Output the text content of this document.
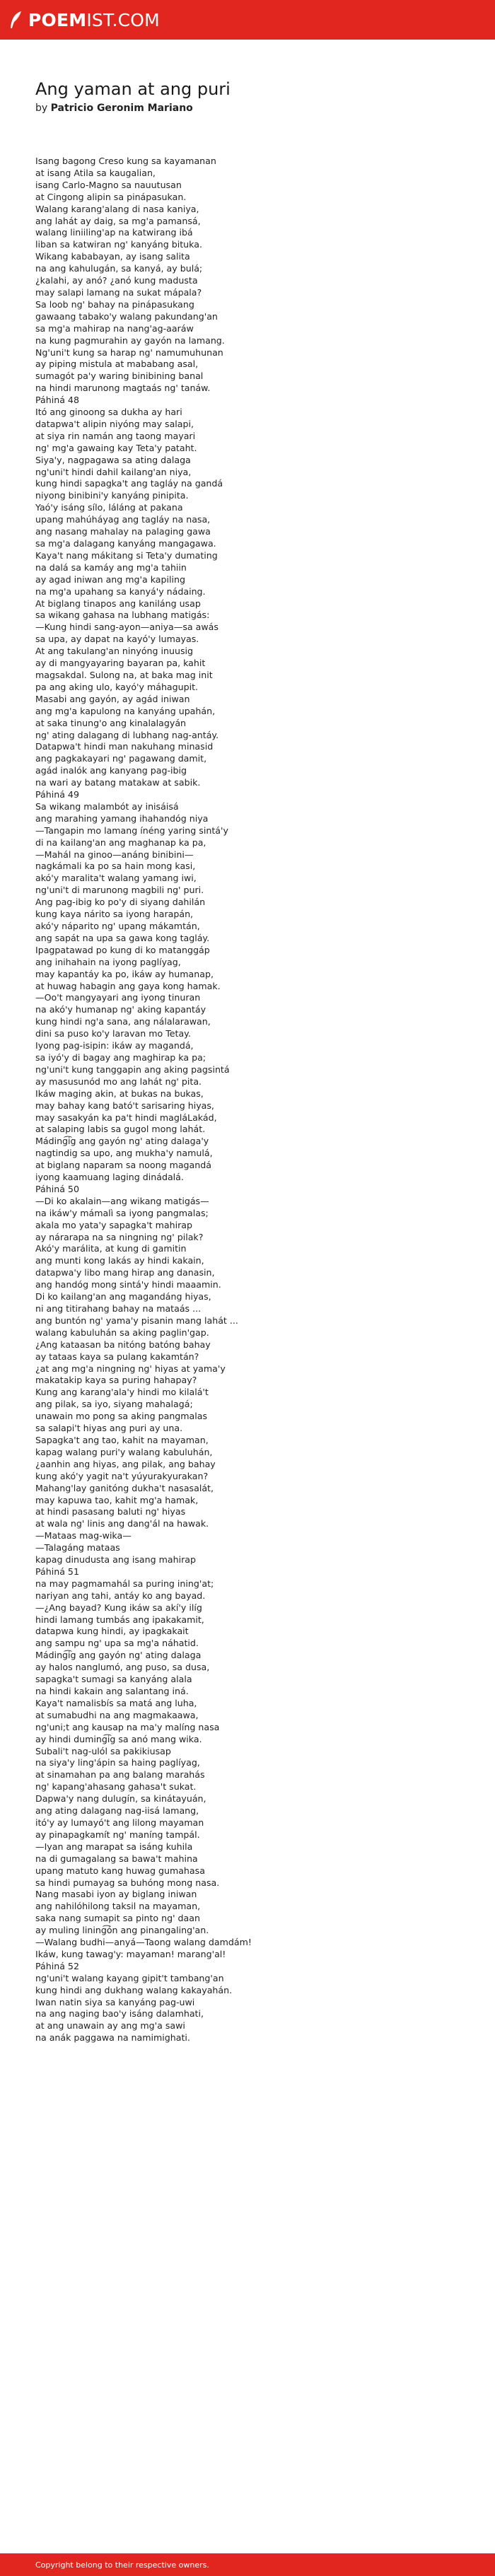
POEM IST.COM
Ang yaman at ang puri
by Patricio Geronim Mariano
Isang bagong Creso kung sa kayamanan
at isang Atila sa kaugalian,
isang Carlo-Magno sa nauutusan
at Cingong alipin sa pinápasukan.
Walang karangꞌalang di nasa kaniya,
ang lahát ay daig, sa mgꞌa pamansá,
walang liniilingꞌap na katwirang ibá
liban sa katwiran ngꞌ kanyáng bituka.
Wikang kababayan, ay isang salita
na ang kahulugán, sa kanyá, ay bulá;
¿kalahi, ay anó? ¿anó kung madusta
may salapi lamang na sukat mápala?
Sa loob ngꞌ bahay na pinápasukang
gawaang tabako'y walang pakundangꞌan
sa mgꞌa mahirap na nangꞌag-aaráw
na kung pagmurahin ay gayón na lamang.
Ngꞌuni't kung sa harap ngꞌ namumuhunan
ay piping mistula at mababang asal,
sumagót pa'y waring binibining banal
na hindi marunong magtaás ngꞌ tanáw.
Páhiná 48
Itó ang ginoong sa dukha ay hari
datapwa't alipin niyóng may salapi,
at siya rin namán ang taong mayari
ngꞌ mgꞌa gawaing kay Teta'y pataht.
Siya'y, nagpagawa sa ating dalaga
ngꞌuni't hindi dahil kailangꞌan niya,
kung hindi sapagka't ang tagláy na gandá
niyong binibini'y kanyáng pinipita.
Yaó'y isáng sílo, láláng at pakana
upang mahúháyag ang tagláy na nasa,
ang nasang mahalay na palaging gawa
sa mgꞌa dalagang kanyáng mangagawa.
Kaya't nang mákitang si Teta'y dumating
na dalá sa kamáy ang mgꞌa tahiin
ay agad iniwan ang mgꞌa kapiling
na mgꞌa upahang sa kanyá'y nádaing.
At biglang tinapos ang kaniláng usap
sa wikang gahasa na lubhang matigás:
—Kung hindi sang-ayon—aniya—sa awás
sa upa, ay dapat na kayó'y lumayas.
At ang takulangꞌan ninyóng inuusig
ay di mangyayaring bayaran pa, kahit
magsakdal. Sulong na, at baka mag init
pa ang aking ulo, kayó'y máhagupit.
Masabi ang gayón, ay agád iniwan
ang mgꞌa kapulong na kanyáng upahán,
at saka tinungꞌo ang kinalalagyán
ngꞌ ating dalagang di lubhang nag-antáy.
Datapwa't hindi man nakuhang minasid
ang pagkakayari ngꞌ pagawang damit,
agád inalók ang kanyang pag-ibig
na wari ay batang matakaw at sabik.
Páhiná 49
Sa wikang malambót ay inisáisá
ang marahing yamang ihahandóg niya
—Tangapin mo lamang ínéng yaring sintá'y
di na kailangꞌan ang maghanap ka pa,
—Mahál na ginoo—anáng binibini—
nagkámali ka po sa hain mong kasi,
akó'y maralita't walang yamang iwi,
ngꞌuni't di marunong magbili ngꞌ puri.
Ang pag-ibig ko po'y di siyang dahilán
kung kaya nárito sa iyong harapán,
akó'y náparito ngꞌ upang mákamtán,
ang sapát na upa sa gawa kong tagláy.
Ipagpatawad po kung di ko matanggáp
ang inihahain na iyong paglíyag,
may kapantáy ka po, ikáw ay humanap,
at huwag habagin ang gaya kong hamak.
—Oo't mangyayari ang iyong tinuran
na akó'y humanap ngꞌ aking kapantáy
kung hindi ngꞌa sana, ang nálalarawan,
dini sa puso ko'y laravan mo Tetay.
Iyong pag-isipin: ikáw ay magandá,
sa iyó'y di bagay ang maghirap ka pa;
ngꞌuni't kung tanggapin ang aking pagsintá
ay masusunód mo ang lahát ngꞌ pita.
Ikáw maging akin, at bukas na bukas,
may bahay kang bató't sarisaring hiyas,
may sasakyán ka pa't hindi magláLakád,
at salaping labis sa gugol mong lahát.
Máding͡ig ang gayón ngꞌ ating dalaga'y
nagtindig sa upo, ang mukha'y namulá,
at biglang naparam sa noong magandá
iyong kaamuang laging dinádalá.
Páhiná 50
—Di ko akalain—ang wikang matigás—
na ikáw'y mámalì sa iyong pangmalas;
akala mo yata'y sapagka't mahirap
ay nárarapa na sa ningning ngꞌ pilak?
Akó'y marálita, at kung di gamitin
ang munti kong lakás ay hindi kakain,
datapwa'y libo mang hirap ang danasin,
ang handóg mong sintá'y hindi maaamin.
Di ko kailangꞌan ang magandáng hiyas,
ni ang titirahang bahay na mataás ...
ang buntón ngꞌ yama'y pisanin mang lahát ...
walang kabuluhán sa aking paglinꞌgap.
¿Ang kataasan ba nitóng batóng bahay
ay tataas kaya sa pulang kakamtán?
¿at ang mgꞌa ningning ngꞌ hiyas at yama'y
makatakip kaya sa puring hahapay?
Kung ang karangꞌala'y hindi mo kilalá't
ang pilak, sa iyo, siyang mahalagá;
unawain mo pong sa aking pangmalas
sa salapi't hiyas ang puri ay una.
Sapagka't ang tao, kahit na mayaman,
kapag walang puri'y walang kabuluhán,
¿aanhin ang hiyas, ang pilak, ang bahay
kung akó'y yagit na't yúyurakyurakan?
Mahangꞌlay ganitóng dukha't nasasalát,
may kapuwa tao, kahit mgꞌa hamak,
at hindi pasasang baluti ngꞌ hiyas
at wala ngꞌ linis ang dangꞌál na hawak.
—Mataas mag-wika—
—Talagáng mataas
kapag dinudusta ang isang mahirap
Páhiná 51
na may pagmamahál sa puring iningꞌat;
nariyan ang tahi, antáy ko ang bayad.
—¿Ang bayad? Kung ikáw sa akí'y ilíg
hindi lamang tumbás ang ipakakamit,
datapwa kung hindi, ay ipagkakait
ang sampu ngꞌ upa sa mgꞌa náhatid.
Máding͡ig ang gayón ngꞌ ating dalaga
ay halos nanglumó, ang puso, sa dusa,
sapagka't sumagi sa kanyáng alala
na hindi kakain ang salantang iná.
Kaya't namalisbís sa matá ang luha,
at sumabudhi na ang magmakaawa,
ngꞌuni;t ang kausap na ma'y malíng nasa
ay hindi duming͡ig sa anó mang wika.
Subali't nag-ulól sa pakikiusap
na siya'y lingꞌápin sa haing paglíyag,
at sinamahan pa ang balang marahás
ngꞌ kapangꞌahasang gahasa't sukat.
Dapwa'y nang dulugín, sa kinátayuán,
ang ating dalagang nag-iisá lamang,
itó'y ay lumayó't ang lilong mayaman
ay pinapagkamít ngꞌ maníng tampál.
—Iyan ang marapat sa isáng kuhila
na di gumagalang sa bawa't mahina
upang matuto kang huwag gumahasa
sa hindi pumayag sa buhóng mong nasa.
Nang masabi iyon ay biglang iniwan
ang nahilóhilong taksil na mayaman,
saka nang sumapit sa pinto ngꞌ daan
ay muling lining͡ón ang pinangalingꞌan.
—Walang budhi—anyá—Taong walang damdám!
Ikáw, kung tawag'y: mayaman! marangꞌal!
Páhiná 52
ngꞌuni't walang kayang gipit't tambangꞌan
kung hindi ang dukhang walang kakayahán.
Iwan natin siya sa kanyáng pag-uwi
na ang naging bao'y isáng dalamhati,
at ang unawain ay ang mgꞌa sawi
na anák paggawa na namimighati.
Copyright belong to their respective owners.
